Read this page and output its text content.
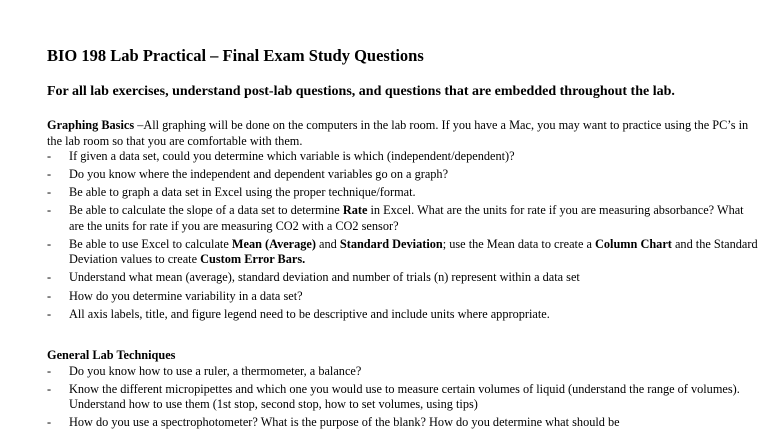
BIO 198 Lab Practical – Final Exam Study Questions
For all lab exercises, understand post-lab questions, and questions that are embedded throughout the lab.

Graphing Basics –All graphing will be done on the computers in the lab room. If you have a Mac, you may want to practice using the PC’s in the lab room so that you are comfortable with them.

- If given a data set, could you determine which variable is which (independent/dependent)?
- Do you know where the independent and dependent variables go on a graph?
- Be able to graph a data set in Excel using the proper technique/format.
- Be able to calculate the slope of a data set to determine Rate in Excel. What are the units for rate if you are measuring absorbance? What are the units for rate if you are measuring CO2 with a CO2 sensor?
- Be able to use Excel to calculate Mean (Average) and Standard Deviation; use the Mean data to create a Column Chart and the Standard Deviation values to create Custom Error Bars.
- Understand what mean (average), standard deviation and number of trials (n) represent within a data set
- How do you determine variability in a data set?
- All axis labels, title, and figure legend need to be descriptive and include units where appropriate.

General Lab Techniques

- Do you know how to use a ruler, a thermometer, a balance?
- Know the different micropipettes and which one you would use to measure certain volumes of liquid (understand the range of volumes). Understand how to use them (1st stop, second stop, how to set volumes, using tips)
- How do you use a spectrophotometer? What is the purpose of the blank? How do you determine what should be
